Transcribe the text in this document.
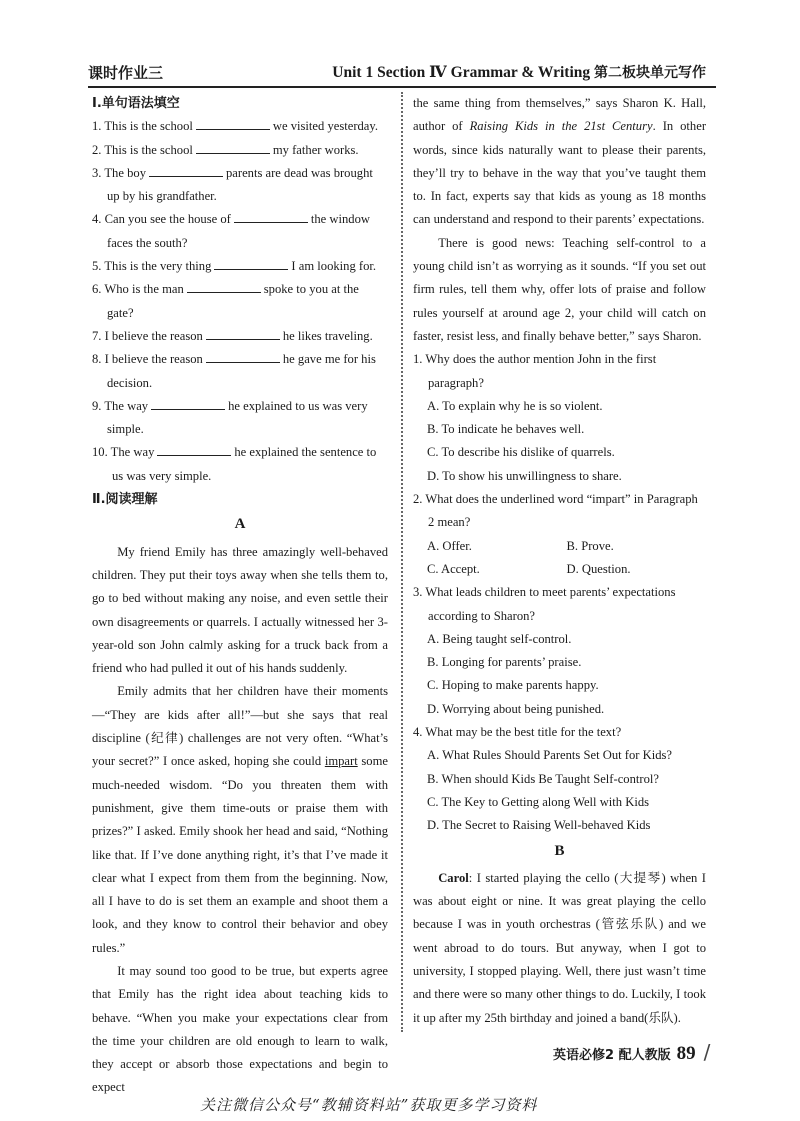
课时作业三	Unit 1 Section Ⅳ Grammar & Writing 第二板块单元写作
Ⅰ.单句语法填空
1. This is the school	we visited yesterday.
2. This is the school	my father works.
3. The boy	parents are dead was brought up by his grandfather.
4. Can you see the house of	the window faces the south?
5. This is the very thing	I am looking for.
6. Who is the man	spoke to you at the gate?
7. I believe the reason	he likes traveling.
8. I believe the reason	he gave me for his decision.
9. The way	he explained to us was very simple.
10. The way	he explained the sentence to us was very simple.
Ⅱ.阅读理解
A

My friend Emily has three amazingly well-behaved children. They put their toys away when she tells them to, go to bed without making any noise, and even settle their own disagreements or quarrels. I actually witnessed her 3-year-old son John calmly asking for a truck back from a friend who had pulled it out of his hands suddenly.

Emily admits that her children have their moments—“They are kids after all!”—but she says that real discipline (纪律) challenges are not very often. “What’s your secret?” I once asked, hoping she could impart some much-needed wisdom. “Do you threaten them with punishment, give them time-outs or praise them with prizes?” I asked. Emily shook her head and said, “Nothing like that. If I’ve done anything right, it’s that I’ve made it clear what I expect from them from the beginning. Now, all I have to do is set them an example and shoot them a look, and they know to control their behavior and obey rules.”

It may sound too good to be true, but experts agree that Emily has the right idea about teaching kids to behave. “When you make your expectations clear from the time your children are old enough to learn to walk, they accept or absorb those expectations and begin to expect

the same thing from themselves,” says Sharon K. Hall, author of Raising Kids in the 21st Century. In other words, since kids naturally want to please their parents, they’ll try to behave in the way that you’ve taught them to. In fact, experts say that kids as young as 18 months can understand and respond to their parents’ expectations.

There is good news: Teaching self-control to a young child isn’t as worrying as it sounds. “If you set out firm rules, tell them why, offer lots of praise and follow rules yourself at around age 2, your child will catch on faster, resist less, and finally behave better,” says Sharon.

1. Why does the author mention John in the first paragraph?
A. To explain why he is so violent.
B. To indicate he behaves well.
C. To describe his dislike of quarrels.
D. To show his unwillingness to share.
2. What does the underlined word “impart” in Paragraph 2 mean?
A. Offer.	B. Prove.
C. Accept.	D. Question.
3. What leads children to meet parents’ expectations according to Sharon?
A. Being taught self-control.
B. Longing for parents’ praise.
C. Hoping to make parents happy.
D. Worrying about being punished.
4. What may be the best title for the text?
A. What Rules Should Parents Set Out for Kids?
B. When should Kids Be Taught Self-control?
C. The Key to Getting along Well with Kids
D. The Secret to Raising Well-behaved Kids
B

Carol: I started playing the cello (大提琴) when I was about eight or nine. It was great playing the cello because I was in youth orchestras (管弦乐队) and we went abroad to do tours. But anyway, when I got to university, I stopped playing. Well, there just wasn’t time and there were so many other things to do. Luckily, I took it up after my 25th birthday and joined a band(乐队).

英语必修2 配人教版 89 /
关注微信公众号“教辅资料站”获取更多学习资料
